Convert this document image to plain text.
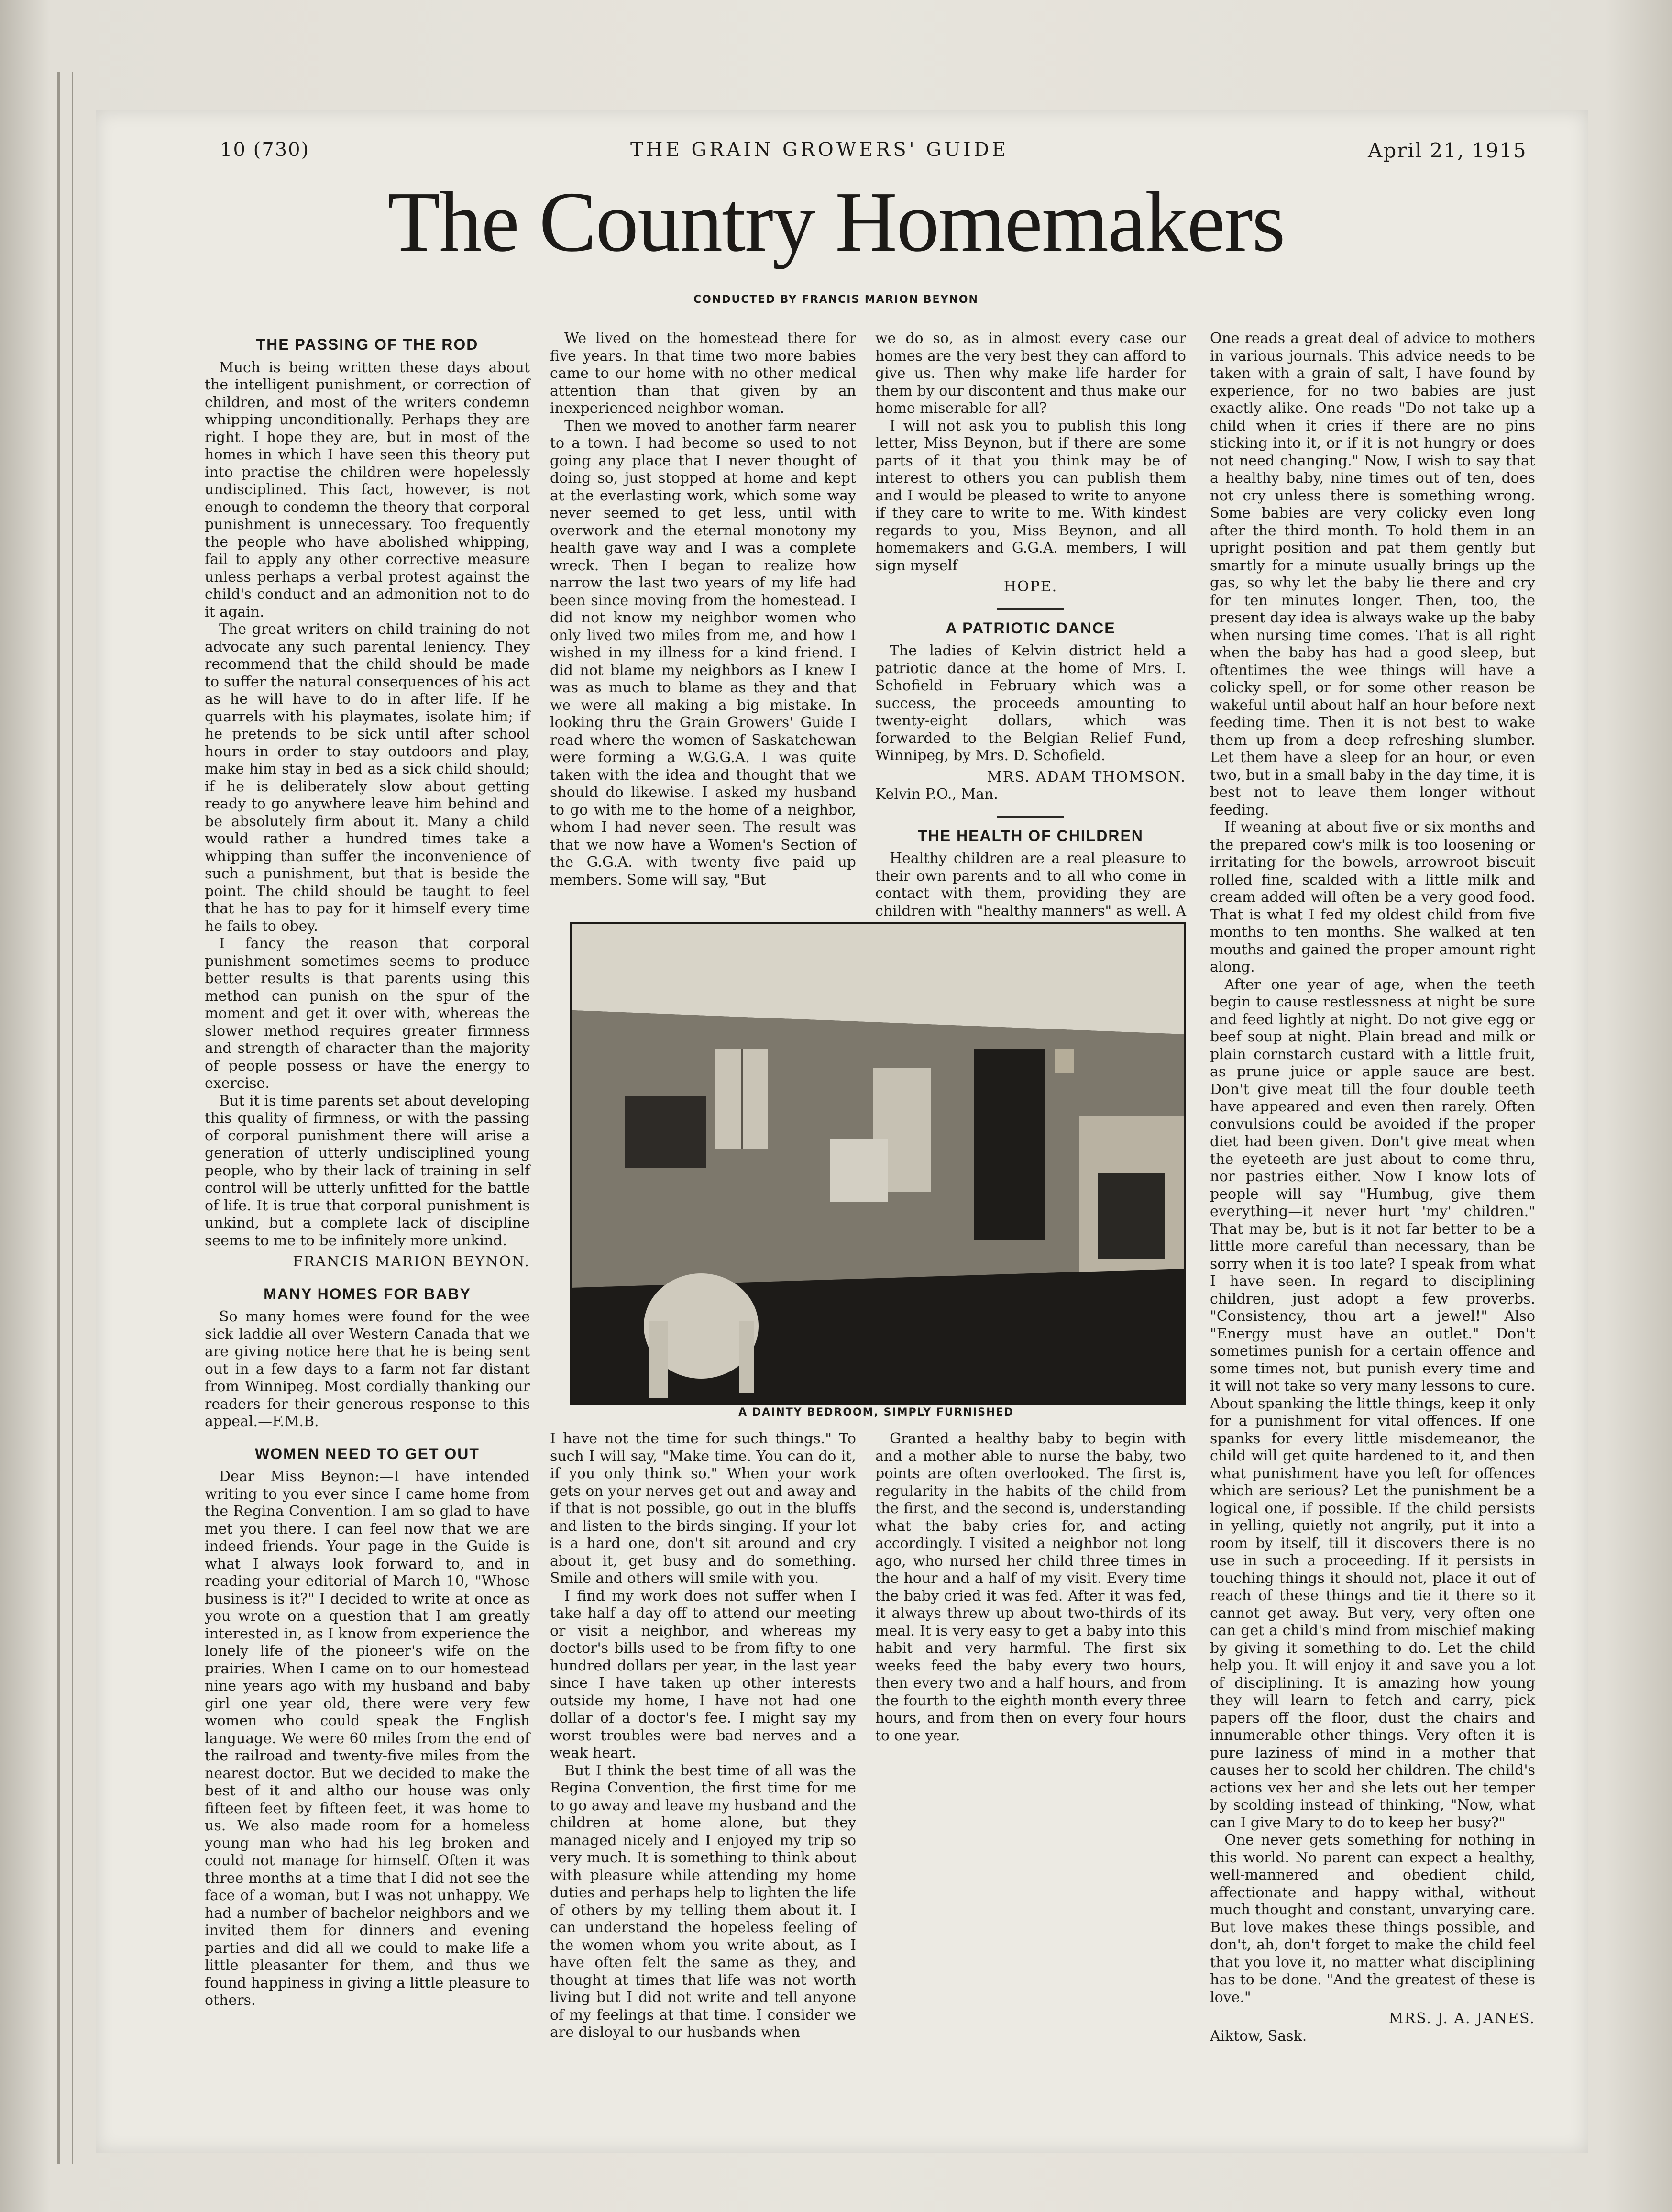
10 (730)	THE GRAIN GROWERS' GUIDE	April 21, 1915
The Country Homemakers
CONDUCTED BY FRANCIS MARION BEYNON
THE PASSING OF THE ROD

Much is being written these days about the intelligent punishment, or correction of children, and most of the writers condemn whipping unconditionally. Perhaps they are right. I hope they are, but in most of the homes in which I have seen this theory put into practise the children were hopelessly undisciplined. This fact, however, is not enough to condemn the theory that corporal punishment is unnecessary. Too frequently the people who have abolished whipping, fail to apply any other corrective measure unless perhaps a verbal protest against the child's conduct and an admonition not to do it again.

The great writers on child training do not advocate any such parental leniency. They recommend that the child should be made to suffer the natural consequences of his act as he will have to do in after life. If he quarrels with his playmates, isolate him; if he pretends to be sick until after school hours in order to stay outdoors and play, make him stay in bed as a sick child should; if he is deliberately slow about getting ready to go anywhere leave him behind and be absolutely firm about it. Many a child would rather a hundred times take a whipping than suffer the inconvenience of such a punishment, but that is beside the point. The child should be taught to feel that he has to pay for it himself every time he fails to obey.

I fancy the reason that corporal punishment sometimes seems to produce better results is that parents using this method can punish on the spur of the moment and get it over with, whereas the slower method requires greater firmness and strength of character than the majority of people possess or have the energy to exercise.

But it is time parents set about developing this quality of firmness, or with the passing of corporal punishment there will arise a generation of utterly undisciplined young people, who by their lack of training in self control will be utterly unfitted for the battle of life. It is true that corporal punishment is unkind, but a complete lack of discipline seems to me to be infinitely more unkind.

FRANCIS MARION BEYNON.

MANY HOMES FOR BABY

So many homes were found for the wee sick laddie all over Western Canada that we are giving notice here that he is being sent out in a few days to a farm not far distant from Winnipeg. Most cordially thanking our readers for their generous response to this appeal.—F.M.B.

WOMEN NEED TO GET OUT

Dear Miss Beynon:—I have intended writing to you ever since I came home from the Regina Convention. I am so glad to have met you there. I can feel now that we are indeed friends. Your page in the Guide is what I always look forward to, and in reading your editorial of March 10, "Whose business is it?" I decided to write at once as you wrote on a question that I am greatly interested in, as I know from experience the lonely life of the pioneer's wife on the prairies. When I came on to our homestead nine years ago with my husband and baby girl one year old, there were very few women who could speak the English language. We were 60 miles from the end of the railroad and twenty-five miles from the nearest doctor. But we decided to make the best of it and altho our house was only fifteen feet by fifteen feet, it was home to us. We also made room for a homeless young man who had his leg broken and could not manage for himself. Often it was three months at a time that I did not see the face of a woman, but I was not unhappy. We had a number of bachelor neighbors and we invited them for dinners and evening parties and did all we could to make life a little pleasanter for them, and thus we found happiness in giving a little pleasure to others.

We lived on the homestead there for five years. In that time two more babies came to our home with no other medical attention than that given by an inexperienced neighbor woman.

Then we moved to another farm nearer to a town. I had become so used to not going any place that I never thought of doing so, just stopped at home and kept at the everlasting work, which some way never seemed to get less, until with overwork and the eternal monotony my health gave way and I was a complete wreck. Then I began to realize how narrow the last two years of my life had been since moving from the homestead. I did not know my neighbor women who only lived two miles from me, and how I wished in my illness for a kind friend. I did not blame my neighbors as I knew I was as much to blame as they and that we were all making a big mistake. In looking thru the Grain Growers' Guide I read where the women of Saskatchewan were forming a W.G.G.A. I was quite taken with the idea and thought that we should do likewise. I asked my husband to go with me to the home of a neighbor, whom I had never seen. The result was that we now have a Women's Section of the G.G.A. with twenty five paid up members. Some will say, "But

we do so, as in almost every case our homes are the very best they can afford to give us. Then why make life harder for them by our discontent and thus make our home miserable for all?

I will not ask you to publish this long letter, Miss Beynon, but if there are some parts of it that you think may be of interest to others you can publish them and I would be pleased to write to anyone if they care to write to me. With kindest regards to you, Miss Beynon, and all homemakers and G.G.A. members, I will sign myself

HOPE.

A PATRIOTIC DANCE

The ladies of Kelvin district held a patriotic dance at the home of Mrs. I. Schofield in February which was a success, the proceeds amounting to twenty-eight dollars, which was forwarded to the Belgian Relief Fund, Winnipeg, by Mrs. D. Schofield.

MRS. ADAM THOMSON.

Kelvin P.O., Man.

THE HEALTH OF CHILDREN

Healthy children are a real pleasure to their own parents and to all who come in contact with them, providing they are children with "healthy manners" as well. A

One reads a great deal of advice to mothers in various journals. This advice needs to be taken with a grain of salt, I have found by experience, for no two babies are just exactly alike. One reads "Do not take up a child when it cries if there are no pins sticking into it, or if it is not hungry or does not need changing." Now, I wish to say that a healthy baby, nine times out of ten, does not cry unless there is something wrong. Some babies are very colicky even long after the third month. To hold them in an upright position and pat them gently but smartly for a minute usually brings up the gas, so why let the baby lie there and cry for ten minutes longer. Then, too, the present day idea is always wake up the baby when nursing time comes. That is all right when the baby has had a good sleep, but oftentimes the wee things will have a colicky spell, or for some other reason be wakeful until about half an hour before next feeding time. Then it is not best to wake them up from a deep refreshing slumber. Let them have a sleep for an hour, or even two, but in a small baby in the day time, it is best not to leave them longer without feeding.

If weaning at about five or six months and the prepared cow's milk is too loosening or irritating for the bowels, arrowroot biscuit rolled fine, scalded with a little milk and cream added will often be a very good food. That is what I fed my oldest child from five months to ten months. She walked at ten mouths and gained the proper amount right along.

After one year of age, when the teeth begin to cause restlessness at night be sure and feed lightly at night. Do not give egg or beef soup at night. Plain bread and milk or plain cornstarch custard with a little fruit, as prune juice or apple sauce are best. Don't give meat till the four double teeth have appeared and even then rarely. Often convulsions could be avoided if the proper diet had been given. Don't give meat when the eyeteeth are just about to come thru, nor pastries either. Now I know lots of people will say "Humbug, give them everything—it never hurt 'my' children." That may be, but is it not far better to be a little more careful than necessary, than be sorry when it is too late? I speak from what I have seen. In regard to disciplining children, just adopt a few proverbs. "Consistency, thou art a jewel!" Also "Energy must have an outlet." Don't sometimes punish for a certain offence and some times not, but punish every time and it will not take so very many lessons to cure. About spanking the little things, keep it only for a punishment for vital offences. If one spanks for every little misdemeanor, the child will get quite hardened to it, and then what punishment have you left for offences which are serious? Let the punishment be a logical one, if possible. If the child persists in yelling, quietly not angrily, put it into a room by itself, till it discovers there is no use in such a proceeding. If it persists in touching things it should not, place it out of reach of these things and tie it there so it cannot get away. But very, very often one can get a child's mind from mischief making by giving it something to do. Let the child help you. It will enjoy it and save you a lot of disciplining. It is amazing how young they will learn to fetch and carry, pick papers off the floor, dust the chairs and innumerable other things. Very often it is pure laziness of mind in a mother that causes her to scold her children. The child's actions vex her and she lets out her temper by scolding instead of thinking, "Now, what can I give Mary to do to keep her busy?"

One never gets something for nothing in this world. No parent can expect a healthy, well-mannered and obedient child, affectionate and happy withal, without much thought and constant, unvarying care. But love makes these things possible, and don't, ah, don't forget to make the child feel that you love it, no matter what disciplining has to be done. "And the greatest of these is love."

MRS. J. A. JANES.

Aiktow, Sask.

A DAINTY BEDROOM, SIMPLY FURNISHED

I have not the time for such things." To such I will say, "Make time. You can do it, if you only think so." When your work gets on your nerves get out and away and if that is not possible, go out in the bluffs and listen to the birds singing. If your lot is a hard one, don't sit around and cry about it, get busy and do something. Smile and others will smile with you.

I find my work does not suffer when I take half a day off to attend our meeting or visit a neighbor, and whereas my doctor's bills used to be from fifty to one hundred dollars per year, in the last year since I have taken up other interests outside my home, I have not had one dollar of a doctor's fee. I might say my worst troubles were bad nerves and a weak heart.

But I think the best time of all was the Regina Convention, the first time for me to go away and leave my husband and the children at home alone, but they managed nicely and I enjoyed my trip so very much. It is something to think about with pleasure while attending my home duties and perhaps help to lighten the life of others by my telling them about it. I can understand the hopeless feeling of the women whom you write about, as I have often felt the same as they, and thought at times that life was not worth living but I did not write and tell anyone of my feelings at that time. I consider we are disloyal to our husbands when

Granted a healthy baby to begin with and a mother able to nurse the baby, two points are often overlooked. The first is, regularity in the habits of the child from the first, and the second is, understanding what the baby cries for, and acting accordingly. I visited a neighbor not long ago, who nursed her child three times in the hour and a half of my visit. Every time the baby cried it was fed. After it was fed, it always threw up about two-thirds of its meal. It is very easy to get a baby into this habit and very harmful. The first six weeks feed the baby every two hours, then every two and a half hours, and from the fourth to the eighth month every three hours, and from then on every four hours to one year.
